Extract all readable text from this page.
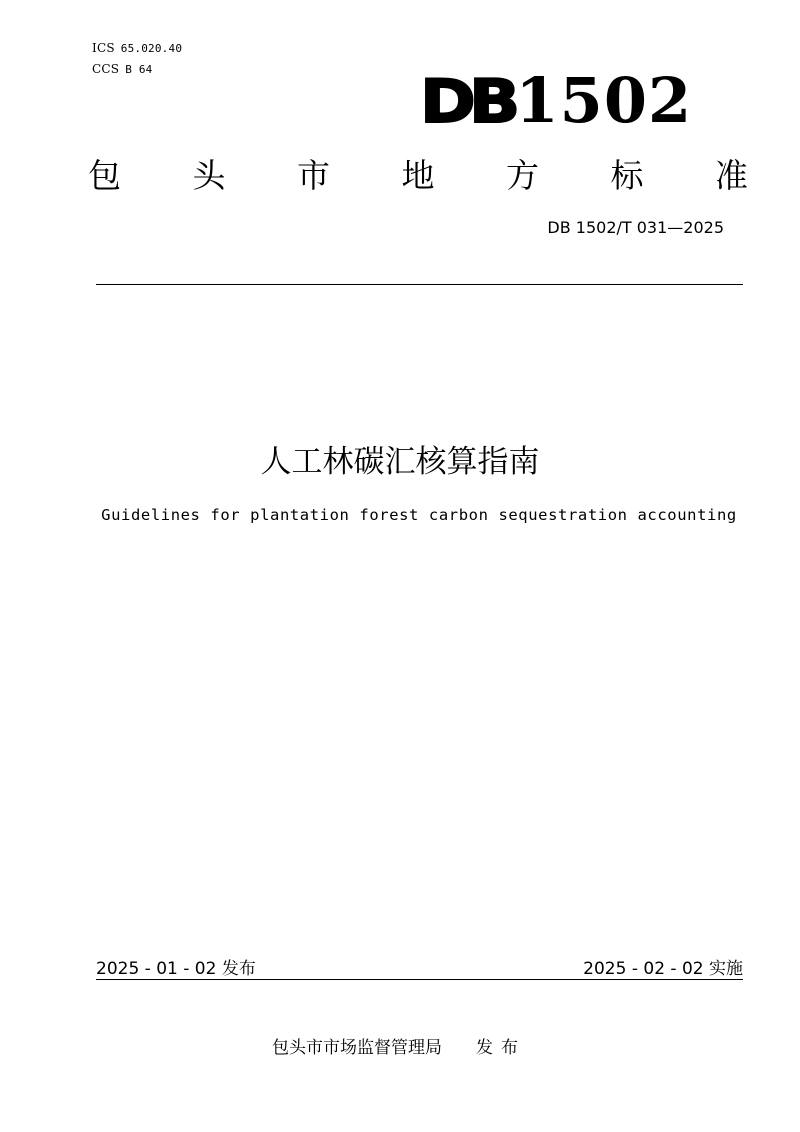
ICS 65.020.40
CCS B 64	DB 1502
包 头 市 地 方 标 准
DB 1502/T 031—2025
人工林碳汇核算指南
Guidelines for plantation forest carbon sequestration accounting
2025 - 01 - 02 发布	2025 - 02 - 02 实施
包头市市场监督管理局 发布
